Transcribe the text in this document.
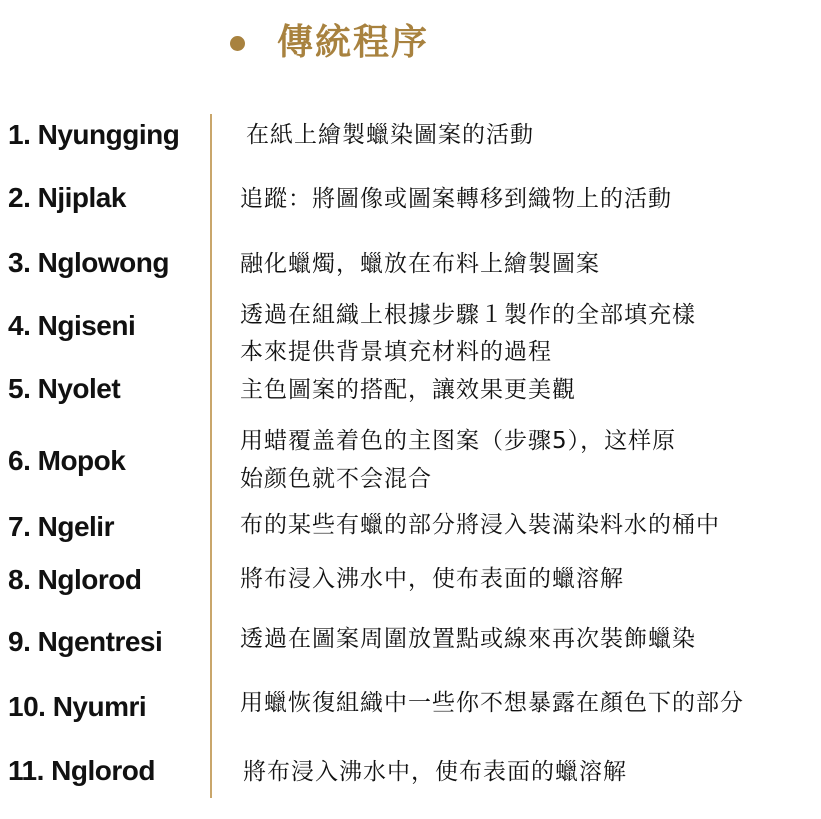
傳統程序
1. Nyungging
2. Njiplak
3. Nglowong
4. Ngiseni
5. Nyolet
6. Mopok
7. Ngelir
8. Nglorod
9. Ngentresi
10. Nyumri
11. Nglorod
在紙上繪製蠟染圖案的活動
追蹤：將圖像或圖案轉移到織物上的活動
融化蠟燭，蠟放在布料上繪製圖案
透過在組織上根據步驟１製作的全部填充樣
本來提供背景填充材料的過程
主色圖案的搭配，讓效果更美觀
用蜡覆盖着色的主图案（步骤5），这样原
始颜色就不会混合
布的某些有蠟的部分將浸入裝滿染料水的桶中
將布浸入沸水中，使布表面的蠟溶解
透過在圖案周圍放置點或線來再次裝飾蠟染
用蠟恢復組織中一些你不想暴露在顏色下的部分
將布浸入沸水中，使布表面的蠟溶解
